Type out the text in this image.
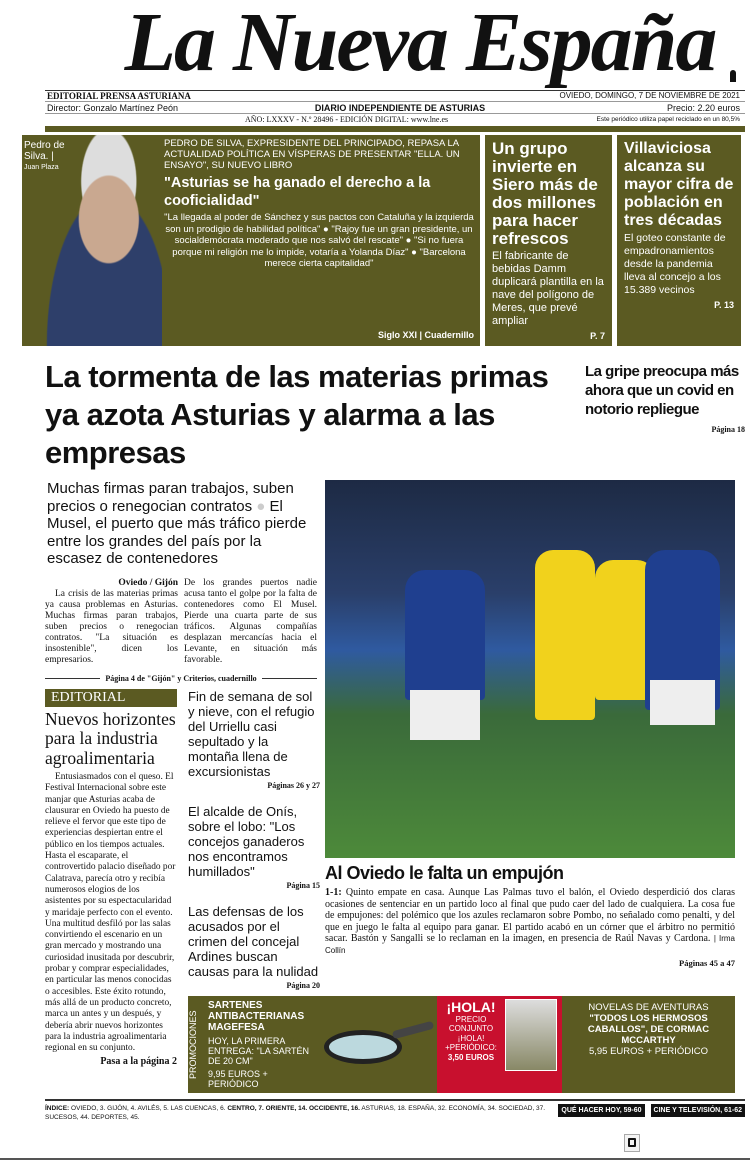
La Nueva España
EDITORIAL PRENSA ASTURIANA	OVIEDO, DOMINGO, 7 DE NOVIEMBRE DE 2021
Director: Gonzalo Martínez Peón	DIARIO INDEPENDIENTE DE ASTURIAS	Precio: 2.20 euros
AÑO: LXXXV - N.º 28496 - EDICIÓN DIGITAL: www.lne.es	Este periódico utiliza papel reciclado en un 80,5%
Pedro de Silva. |
Juan Plaza
PEDRO DE SILVA, EXPRESIDENTE DEL PRINCIPADO, REPASA LA ACTUALIDAD POLÍTICA EN VÍSPERAS DE PRESENTAR "ELLA. UN ENSAYO", SU NUEVO LIBRO
"Asturias se ha ganado el derecho a la cooficialidad"
"La llegada al poder de Sánchez y sus pactos con Cataluña y la izquierda son un prodigio de habilidad política" ● "Rajoy fue un gran presidente, un socialdemócrata moderado que nos salvó del rescate" ● "Si no fuera porque mi religión me lo impide, votaría a Yolanda Díaz" ● "Barcelona merece cierta capitalidad"
Siglo XXI | Cuadernillo
Un grupo invierte en Siero más de dos millones para hacer refrescos

El fabricante de bebidas Damm duplicará plantilla en la nave del polígono de Meres, que prevé ampliar

P. 7
Villaviciosa alcanza su mayor cifra de población en tres décadas

El goteo constante de empadronamientos desde la pandemia lleva al concejo a los 15.389 vecinos

P. 13
La tormenta de las materias primas ya azota Asturias y alarma a las empresas
La gripe preocupa más ahora que un covid en notorio repliegue
Página 18
Muchas firmas paran trabajos, suben precios o renegocian contratos ● El Musel, el puerto que más tráfico pierde entre los grandes del país por la escasez de contenedores
Oviedo / Gijón
La crisis de las materias primas ya causa problemas en Asturias. Muchas firmas paran trabajos, suben precios o renegocian contratos. "La situación es insostenible", dicen los empresarios.
De los grandes puertos nadie acusa tanto el golpe por la falta de contenedores como El Musel. Pierde una cuarta parte de sus tráficos. Algunas compañías desplazan mercancías hacia el Levante, en situación más favorable.
Página 4 de "Gijón" y Criterios, cuadernillo
Al Oviedo le falta un empujón
1-1: Quinto empate en casa. Aunque Las Palmas tuvo el balón, el Oviedo desperdició dos claras ocasiones de sentenciar en un partido loco al final que pudo caer del lado de cualquiera. La cosa fue de empujones: del polémico que los azules reclamaron sobre Pombo, no señalado como penalti, y del que en juego le falta al equipo para ganar. El partido acabó en un córner que el árbitro no permitió sacar. Bastón y Sangalli se lo reclaman en la imagen, en presencia de Raúl Navas y Cardona. | Irma Collín
Páginas 45 a 47
EDITORIAL
Nuevos horizontes para la industria agroalimentaria
Entusiasmados con el queso. El Festival Internacional sobre este manjar que Asturias acaba de clausurar en Oviedo ha puesto de relieve el fervor que este tipo de experiencias despiertan entre el público en los tiempos actuales. Hasta el escaparate, el controvertido palacio diseñado por Calatrava, parecía otro y recibía numerosos elogios de los asistentes por su espectacularidad y maridaje perfecto con el evento. Una multitud desfiló por las salas convirtiendo el escenario en un gran mercado y mostrando una curiosidad inusitada por descubrir, probar y comprar especialidades, en particular las menos conocidas o accesibles. Este éxito rotundo, más allá de un producto concreto, marca un antes y un después, y debería abrir nuevos horizontes para la industria agroalimentaria regional en su conjunto.
Pasa a la página 2
Fin de semana de sol y nieve, con el refugio del Urriellu casi sepultado y la montaña llena de excursionistas
Páginas 26 y 27
El alcalde de Onís, sobre el lobo: "Los concejos ganaderos nos encontramos humillados"
Página 15
Las defensas de los acusados por el crimen del concejal Ardines buscan causas para la nulidad
Página 20
PROMOCIONES
SARTENES ANTIBACTERIANAS MAGEFESA
HOY, LA PRIMERA ENTREGA: "LA SARTÉN DE 20 CM"
9,95 EUROS + PERIÓDICO
¡HOLA!
PRECIO CONJUNTO ¡HOLA! +PERIÓDICO:
3,50 EUROS
NOVELAS DE AVENTURAS
"TODOS LOS HERMOSOS CABALLOS", DE CORMAC MCCARTHY
5,95 EUROS + PERIÓDICO
ÍNDICE: OVIEDO, 3. GIJÓN, 4. AVILÉS, 5. LAS CUENCAS, 6. CENTRO, 7. ORIENTE, 14. OCCIDENTE, 16. ASTURIAS, 18. ESPAÑA, 32. ECONOMÍA, 34. SOCIEDAD, 37. SUCESOS, 44. DEPORTES, 45.
QUÉ HACER HOY, 59-60	CINE Y TELEVISIÓN, 61-62
